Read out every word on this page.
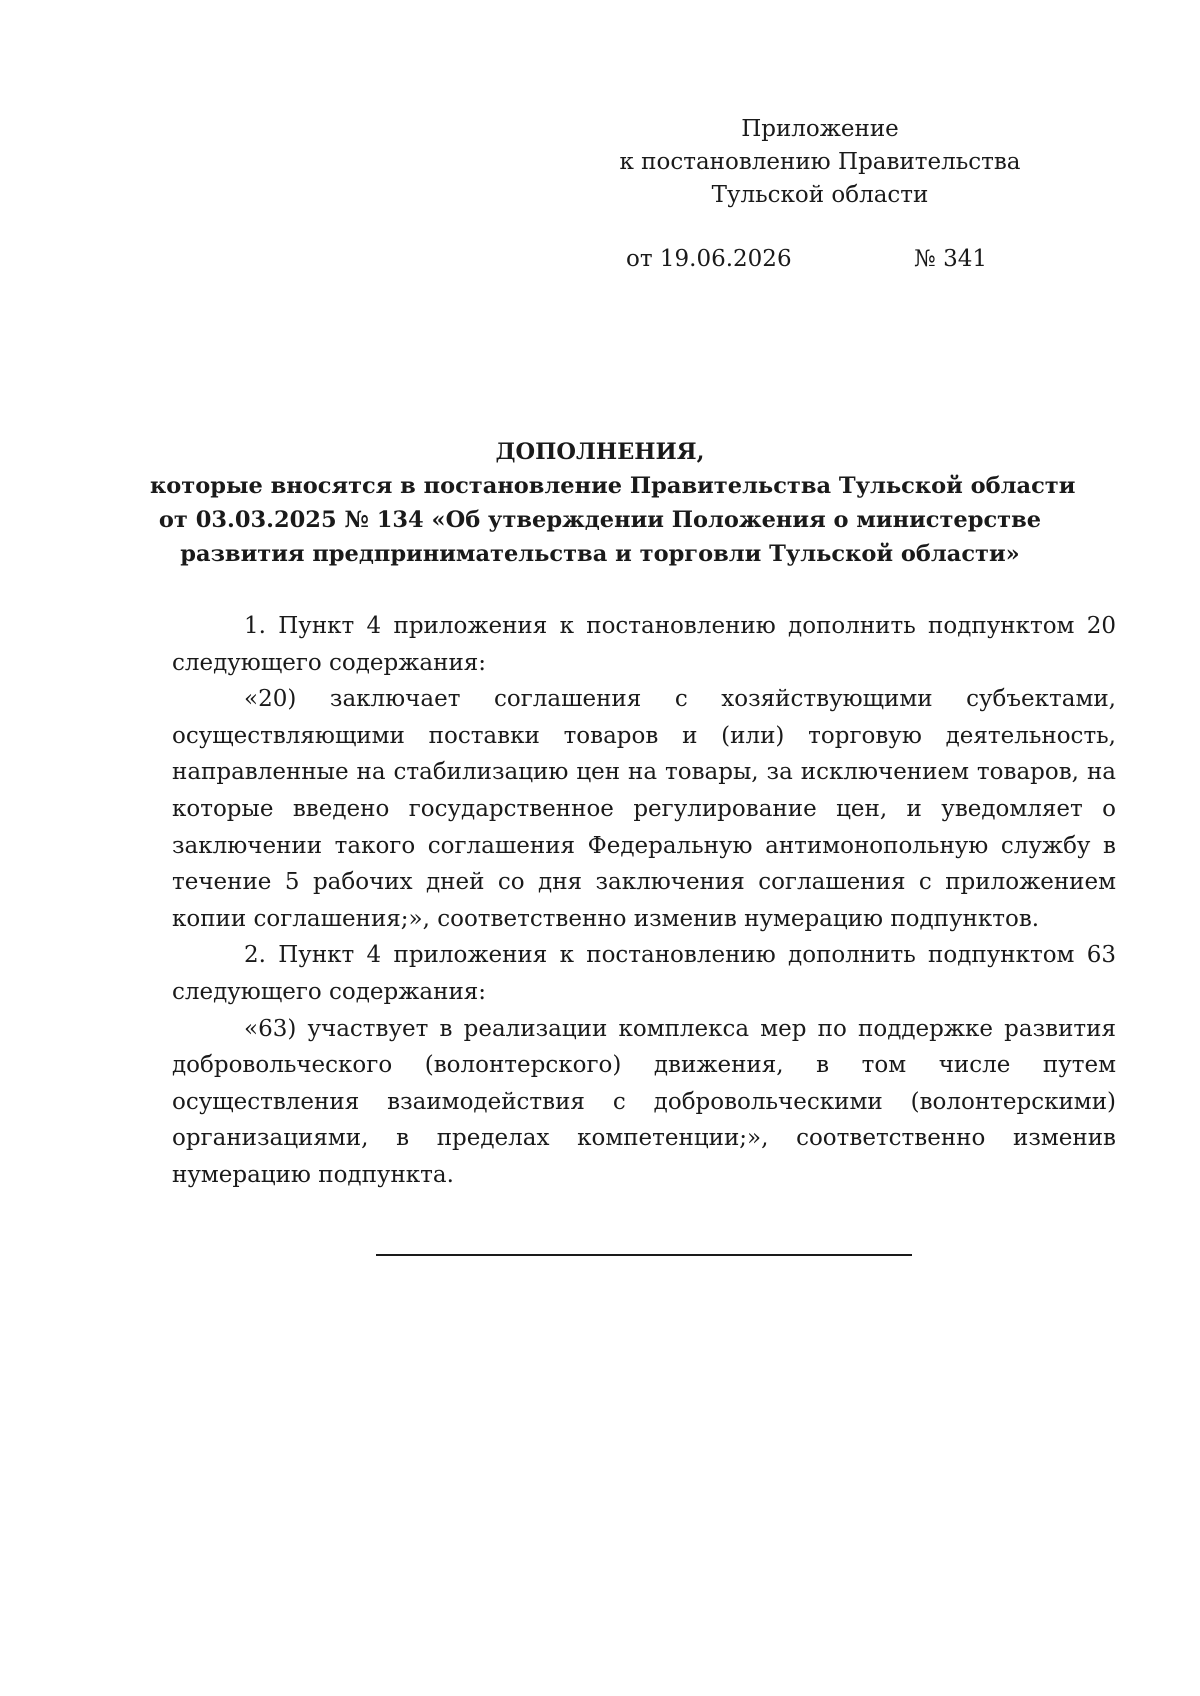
Приложение
к постановлению Правительства
Тульской области
от 19.06.2026	№ 341
ДОПОЛНЕНИЯ,
которые вносятся в постановление Правительства Тульской области
от 03.03.2025 № 134 «Об утверждении Положения о министерстве
развития предпринимательства и торговли Тульской области»

1. Пункт 4 приложения к постановлению дополнить подпунктом 20 следующего содержания:

«20) заключает соглашения с хозяйствующими субъектами, осуществляющими поставки товаров и (или) торговую деятельность, направленные на стабилизацию цен на товары, за исключением товаров, на которые введено государственное регулирование цен, и уведомляет о заключении такого соглашения Федеральную антимонопольную службу в течение 5 рабочих дней со дня заключения соглашения с приложением копии соглашения;», соответственно изменив нумерацию подпунктов.

2. Пункт 4 приложения к постановлению дополнить подпунктом 63 следующего содержания:

«63) участвует в реализации комплекса мер по поддержке развития добровольческого (волонтерского) движения, в том числе путем осуществления взаимодействия с добровольческими (волонтерскими) организациями, в пределах компетенции;», соответственно изменив нумерацию подпункта.
